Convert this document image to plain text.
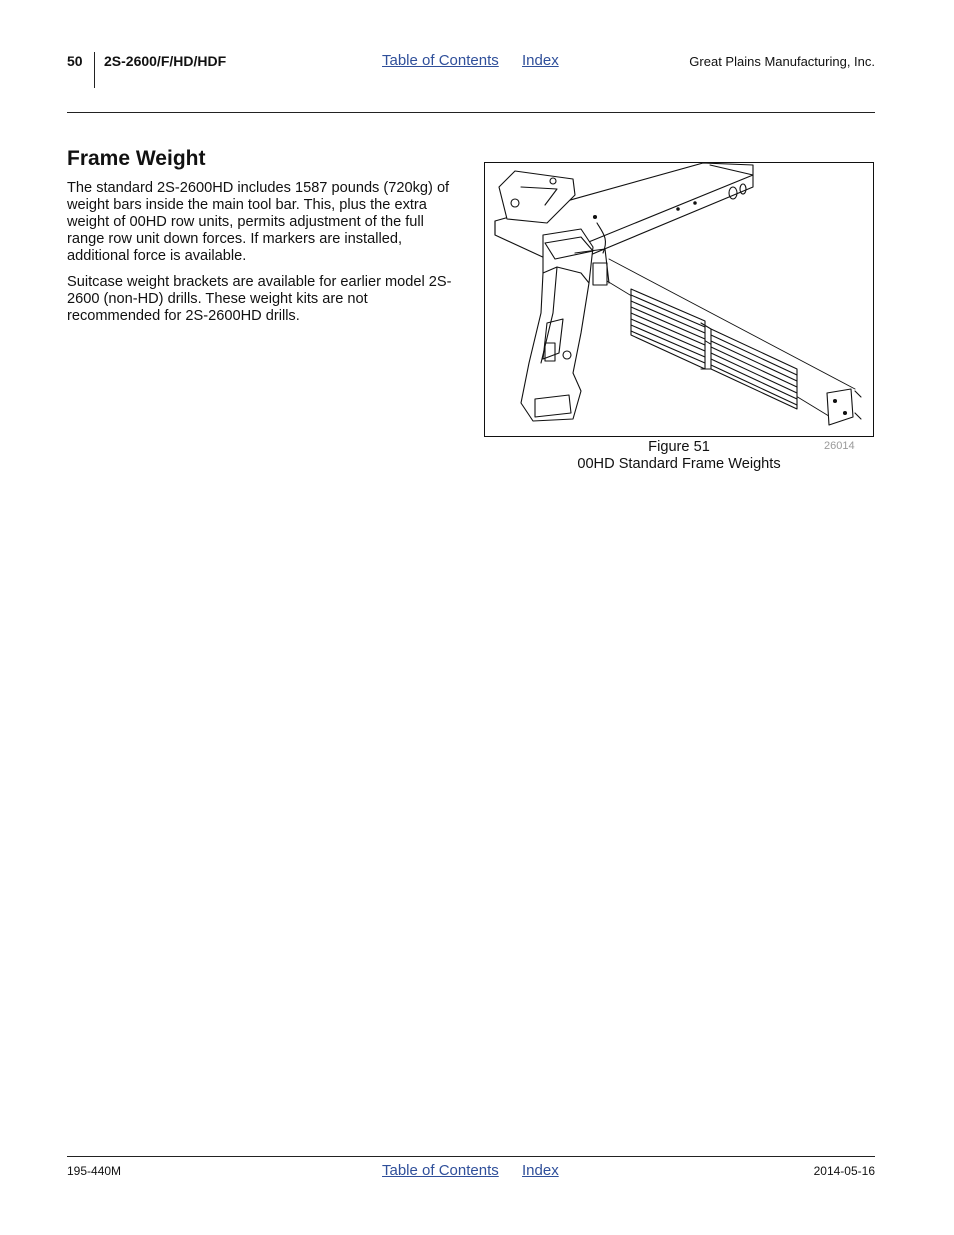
50 2S-2600/F/HD/HDF	Table of Contents Index	Great Plains Manufacturing, Inc.
Frame Weight

The standard 2S-2600HD includes 1587 pounds (720kg) of weight bars inside the main tool bar. This, plus the extra weight of 00HD row units, permits adjustment of the full range row unit down forces. If markers are installed, additional force is available.

Suitcase weight brackets are available for earlier model 2S-2600 (non-HD) drills. These weight kits are not recommended for 2S-2600HD drills.

26014
Figure 51
00HD Standard Frame Weights
195-440M	Table of Contents Index	2014-05-16
